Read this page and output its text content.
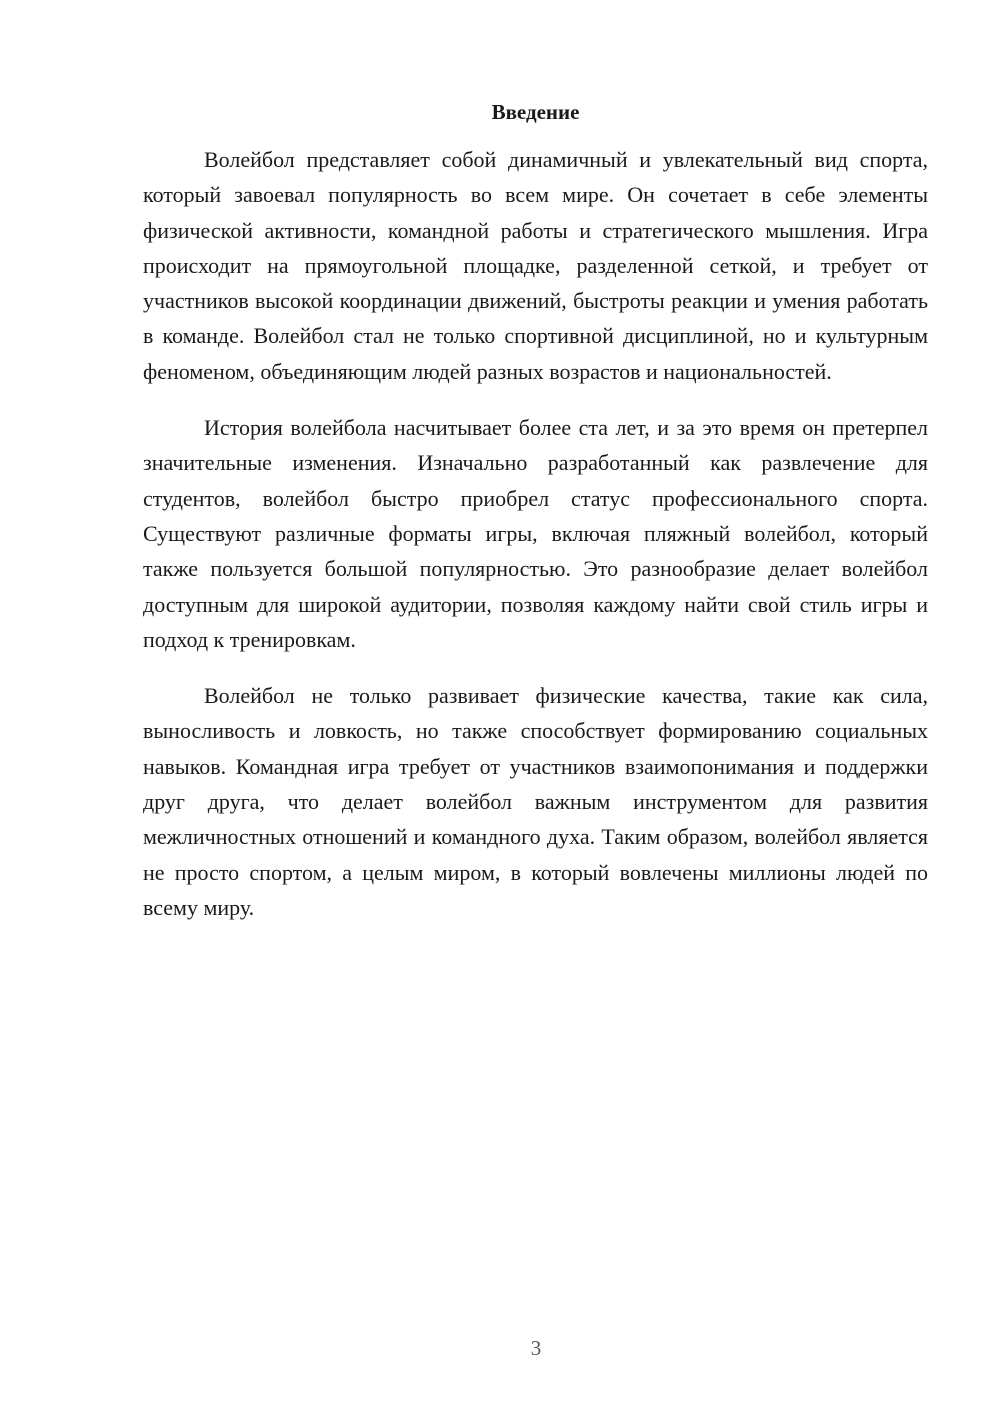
Введение

Волейбол представляет собой динамичный и увлекательный вид спорта, который завоевал популярность во всем мире. Он сочетает в себе элементы физической активности, командной работы и стратегического мышления. Игра происходит на прямоугольной площадке, разделенной сеткой, и требует от участников высокой координации движений, быстроты реакции и умения работать в команде. Волейбол стал не только спортивной дисциплиной, но и культурным феноменом, объединяющим людей разных возрастов и национальностей.

История волейбола насчитывает более ста лет, и за это время он претерпел значительные изменения. Изначально разработанный как развлечение для студентов, волейбол быстро приобрел статус профессионального спорта. Существуют различные форматы игры, включая пляжный волейбол, который также пользуется большой популярностью. Это разнообразие делает волейбол доступным для широкой аудитории, позволяя каждому найти свой стиль игры и подход к тренировкам.

Волейбол не только развивает физические качества, такие как сила, выносливость и ловкость, но также способствует формированию социальных навыков. Командная игра требует от участников взаимопонимания и поддержки друг друга, что делает волейбол важным инструментом для развития межличностных отношений и командного духа. Таким образом, волейбол является не просто спортом, а целым миром, в который вовлечены миллионы людей по всему миру.

3
